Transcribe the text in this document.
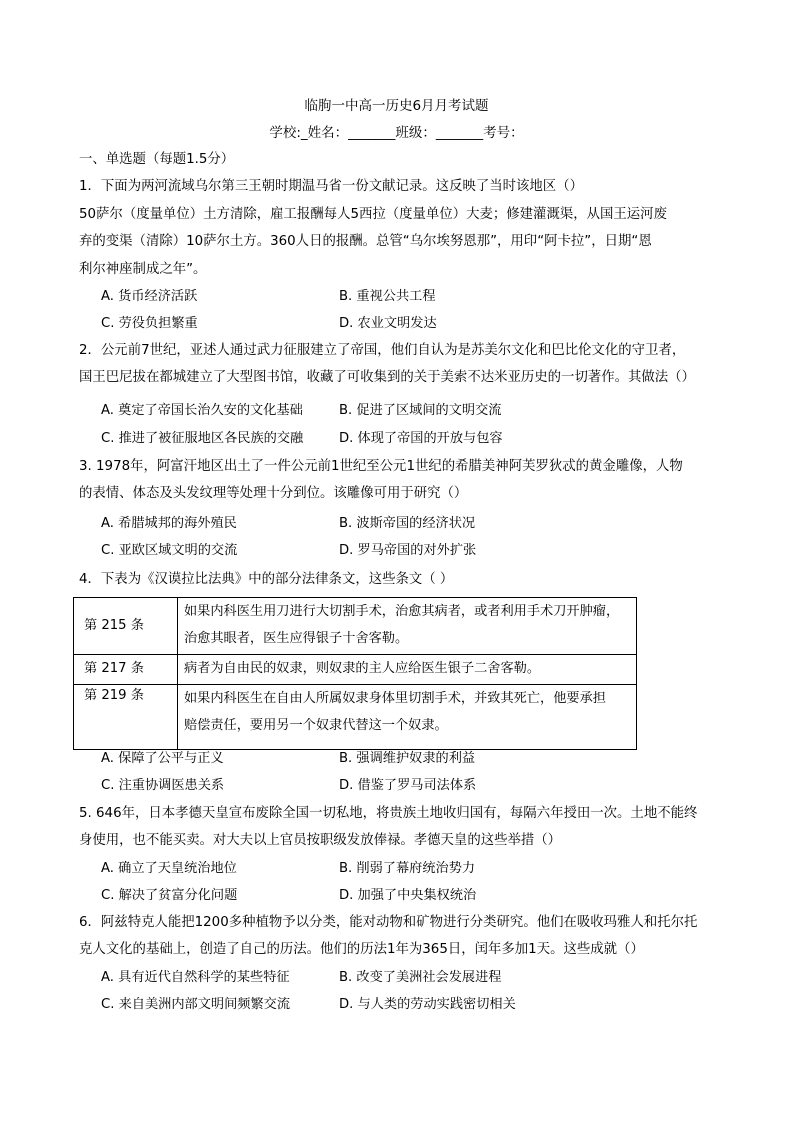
临朐一中高一历史6月月考试题
学校:_姓名：_______班级：_______考号：
一、单选题（每题1.5分）
1．下面为两河流域乌尔第三王朝时期温马省一份文献记录。这反映了当时该地区（）
50萨尔（度量单位）土方清除，雇工报酬每人5西拉（度量单位）大麦；修建灌溉渠，从国王运河废
弃的变渠（清除）10萨尔土方。360人日的报酬。总管“乌尔埃努恩那”，用印“阿卡拉”，日期“恩
利尔神座制成之年”。
A. 货币经济活跃	B. 重视公共工程
C. 劳役负担繁重	D. 农业文明发达
2．公元前7世纪，亚述人通过武力征服建立了帝国，他们自认为是苏美尔文化和巴比伦文化的守卫者，
国王巴尼拔在都城建立了大型图书馆，收藏了可收集到的关于美索不达米亚历史的一切著作。其做法（）
A. 奠定了帝国长治久安的文化基础	B. 促进了区域间的文明交流
C. 推进了被征服地区各民族的交融	D. 体现了帝国的开放与包容
3. 1978年，阿富汗地区出土了一件公元前1世纪至公元1世纪的希腊美神阿芙罗狄忒的黄金雕像，人物
的表情、体态及头发纹理等处理十分到位。该雕像可用于研究（）
A. 希腊城邦的海外殖民	B. 波斯帝国的经济状况
C. 亚欧区域文明的交流	D. 罗马帝国的对外扩张
4．下表为《汉谟拉比法典》中的部分法律条文，这些条文（ ）
第 215 条	如果内科医生用刀进行大切割手术，治愈其病者，或者利用手术刀开肿瘤，
治愈其眼者，医生应得银子十舍客勒。

第 217 条	病者为自由民的奴隶，则奴隶的主人应给医生银子二舍客勒。

第 219 条	如果内科医生在自由人所属奴隶身体里切割手术，并致其死亡，他要承担
赔偿责任，要用另一个奴隶代替这一个奴隶。
A. 保障了公平与正义	B. 强调维护奴隶的利益
C. 注重协调医患关系	D. 借鉴了罗马司法体系
5. 646年，日本孝德天皇宣布废除全国一切私地，将贵族土地收归国有，每隔六年授田一次。土地不能终
身使用，也不能买卖。对大夫以上官员按职级发放俸禄。孝德天皇的这些举措（）
A. 确立了天皇统治地位	B. 削弱了幕府统治势力
C. 解决了贫富分化问题	D. 加强了中央集权统治
6．阿兹特克人能把1200多种植物予以分类，能对动物和矿物进行分类研究。他们在吸收玛雅人和托尔托
克人文化的基础上，创造了自己的历法。他们的历法1年为365日，闰年多加1天。这些成就（）
A. 具有近代自然科学的某些特征	B. 改变了美洲社会发展进程
C. 来自美洲内部文明间频繁交流	D. 与人类的劳动实践密切相关
